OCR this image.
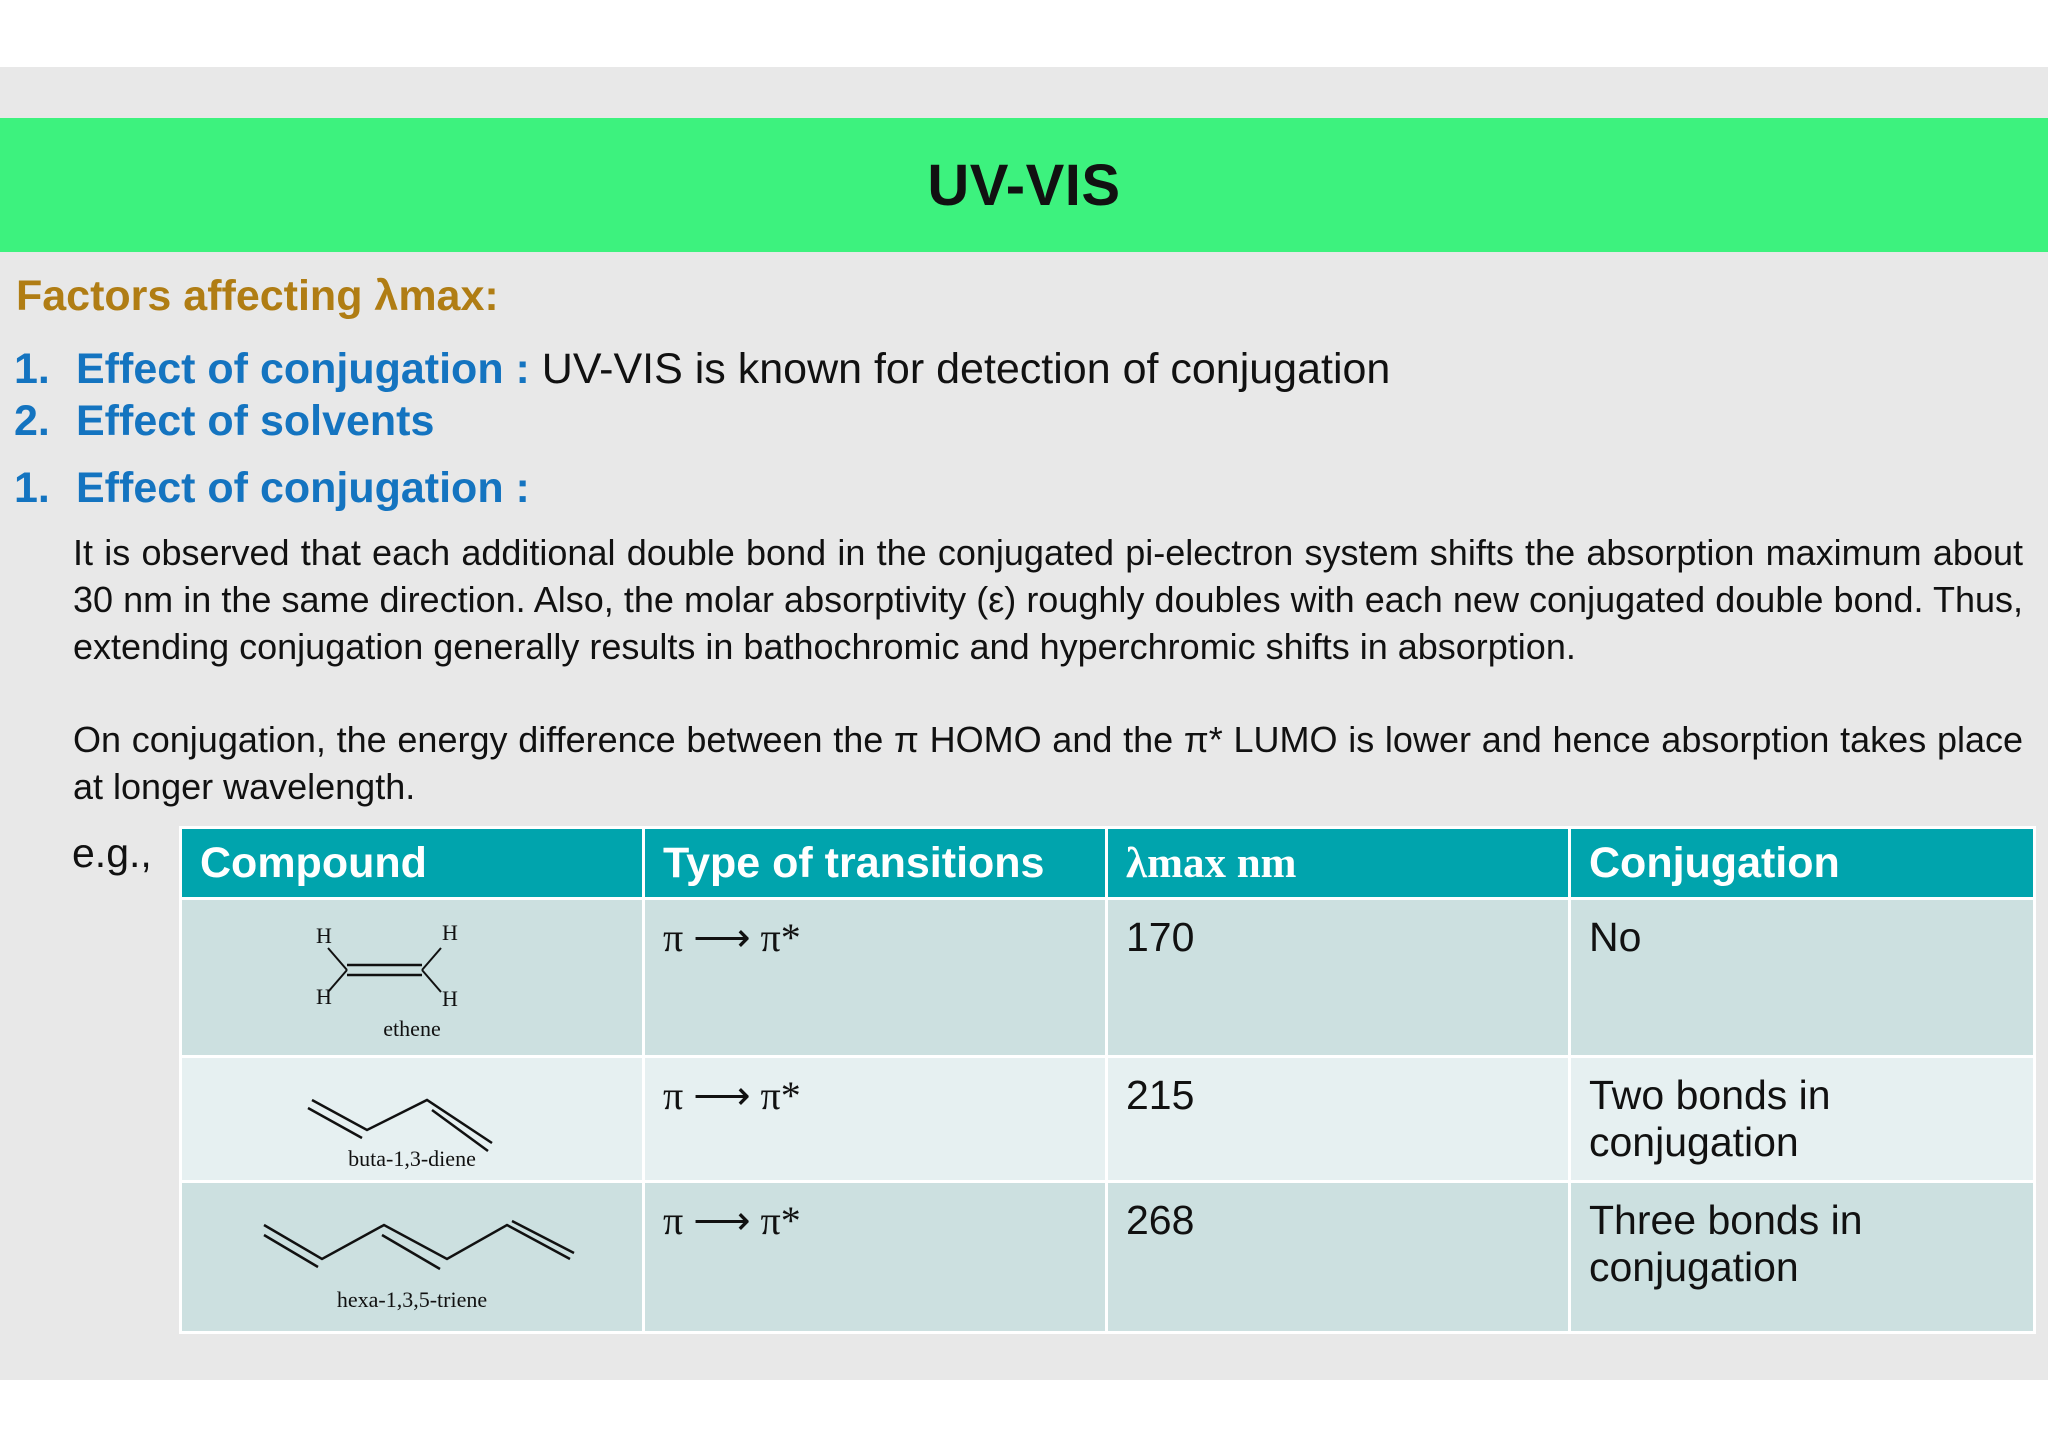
UV-VIS

Factors affecting λmax:

1. Effect of conjugation : UV-VIS is known for detection of conjugation
2. Effect of solvents
1. Effect of conjugation :

It is observed that each additional double bond in the conjugated pi-electron system shifts the absorption maximum about 30 nm in the same direction. Also, the molar absorptivity (ε) roughly doubles with each new conjugated double bond. Thus, extending conjugation generally results in bathochromic and hyperchromic shifts in absorption.

On conjugation, the energy difference between the π HOMO and the π* LUMO is lower and hence absorption takes place at longer wavelength.

e.g., Compound	Type of transitions	λmax nm	Conjugation

H H
H H
ethene	π ⟶ π*	170	No

buta-1,3-diene	π ⟶ π*	215	Two bonds in conjugation

hexa-1,3,5-triene	π ⟶ π*	268	Three bonds in conjugation
